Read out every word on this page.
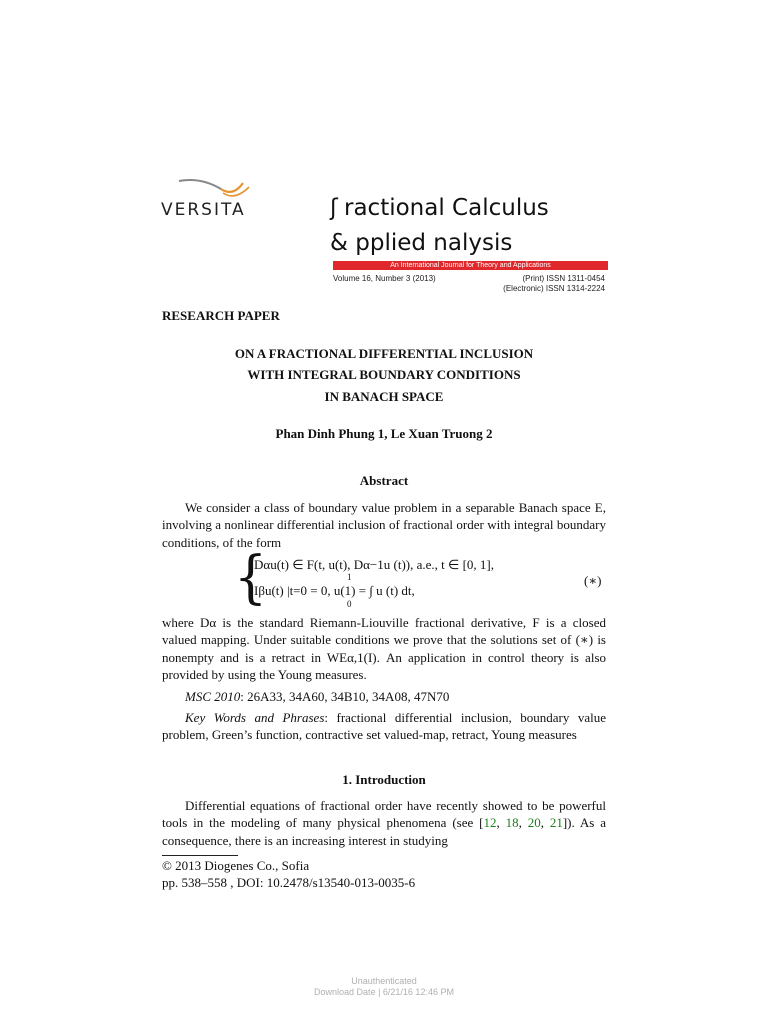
VERSITA	ʃ ractional Calculus
& pplied nalysis
An International Journal for Theory and Applications
Volume 16, Number 3 (2013)	(Print) ISSN 1311-0454
(Electronic) ISSN 1314-2224
RESEARCH PAPER
ON A FRACTIONAL DIFFERENTIAL INCLUSION
WITH INTEGRAL BOUNDARY CONDITIONS
IN BANACH SPACE
Phan Dinh Phung 1, Le Xuan Truong 2
Abstract

We consider a class of boundary value problem in a separable Banach space E, involving a nonlinear differential inclusion of fractional order with integral boundary conditions, of the form

{
Dαu(t) ∈ F(t, u(t), Dα−1u (t)), a.e., t ∈ [0, 1],
1
Iβu(t) |t=0 = 0, u(1) = ∫ u (t) dt,
0
(∗)

where Dα is the standard Riemann-Liouville fractional derivative, F is a closed valued mapping. Under suitable conditions we prove that the solutions set of (∗) is nonempty and is a retract in WEα,1(I). An application in control theory is also provided by using the Young measures.

MSC 2010: 26A33, 34A60, 34B10, 34A08, 47N70

Key Words and Phrases: fractional differential inclusion, boundary value problem, Green’s function, contractive set valued-map, retract, Young measures

1. Introduction

Differential equations of fractional order have recently showed to be powerful tools in the modeling of many physical phenomena (see [12, 18, 20, 21]). As a consequence, there is an increasing interest in studying

© 2013 Diogenes Co., Sofia
pp. 538–558 , DOI: 10.2478/s13540-013-0035-6
Unauthenticated
Download Date | 6/21/16 12:46 PM
